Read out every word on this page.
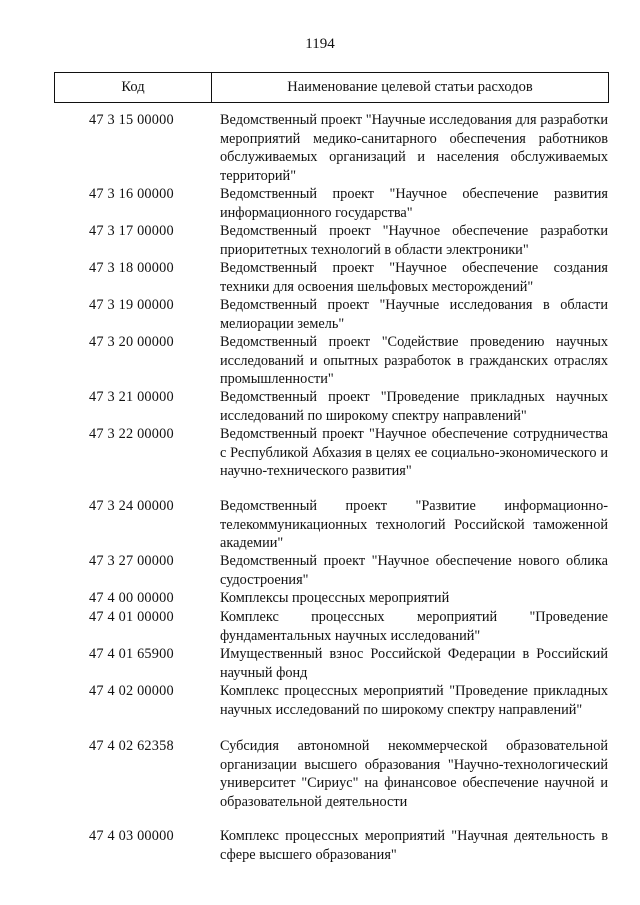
1194
Код	Наименование целевой статьи расходов
47 3 15 00000	Ведомственный проект "Научные исследования для разработки мероприятий медико-санитарного обеспечения работников обслуживаемых организаций и населения обслуживаемых территорий"
47 3 16 00000	Ведомственный проект "Научное обеспечение развития информационного государства"
47 3 17 00000	Ведомственный проект "Научное обеспечение разработки приоритетных технологий в области электроники"
47 3 18 00000	Ведомственный проект "Научное обеспечение создания техники для освоения шельфовых месторождений"
47 3 19 00000	Ведомственный проект "Научные исследования в области мелиорации земель"
47 3 20 00000	Ведомственный проект "Содействие проведению научных исследований и опытных разработок в гражданских отраслях промышленности"
47 3 21 00000	Ведомственный проект "Проведение прикладных научных исследований по широкому спектру направлений"
47 3 22 00000	Ведомственный проект "Научное обеспечение сотрудничества с Республикой Абхазия в целях ее социально-экономического и научно-технического развития"
47 3 24 00000	Ведомственный проект "Развитие информационно-телекоммуникационных технологий Российской таможенной академии"
47 3 27 00000	Ведомственный проект "Научное обеспечение нового облика судостроения"
47 4 00 00000	Комплексы процессных мероприятий
47 4 01 00000	Комплекс процессных мероприятий "Проведение фундаментальных научных исследований"
47 4 01 65900	Имущественный взнос Российской Федерации в Российский научный фонд
47 4 02 00000	Комплекс процессных мероприятий "Проведение прикладных научных исследований по широкому спектру направлений"
47 4 02 62358	Субсидия автономной некоммерческой образовательной организации высшего образования "Научно-технологический университет "Сириус" на финансовое обеспечение научной и образовательной деятельности
47 4 03 00000	Комплекс процессных мероприятий "Научная деятельность в сфере высшего образования"
